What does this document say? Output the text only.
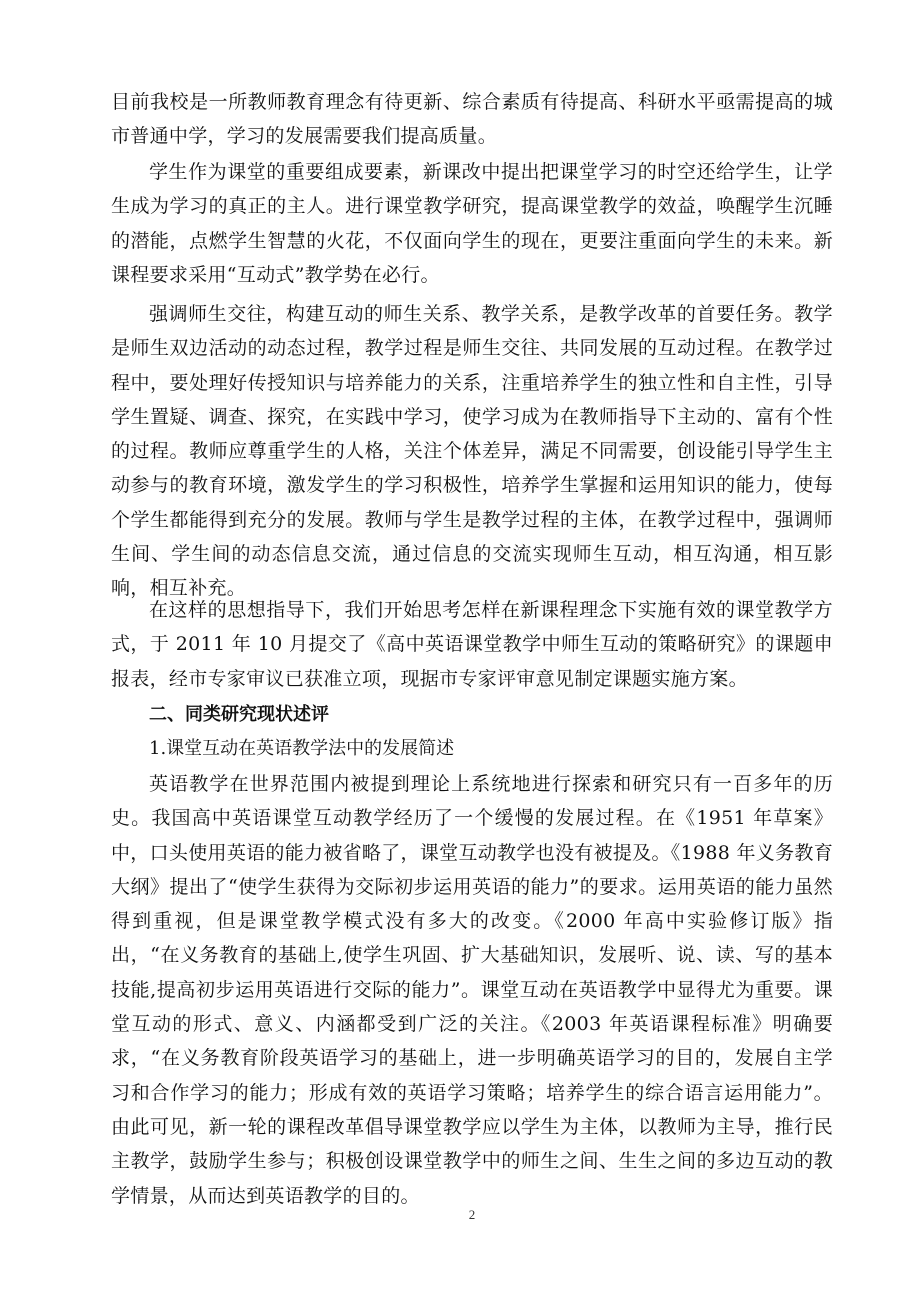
目前我校是一所教师教育理念有待更新、综合素质有待提高、科研水平亟需提高的城市普通中学，学习的发展需要我们提高质量。

学生作为课堂的重要组成要素，新课改中提出把课堂学习的时空还给学生，让学生成为学习的真正的主人。进行课堂教学研究，提高课堂教学的效益，唤醒学生沉睡的潜能，点燃学生智慧的火花，不仅面向学生的现在，更要注重面向学生的未来。新课程要求采用“互动式”教学势在必行。

强调师生交往，构建互动的师生关系、教学关系，是教学改革的首要任务。教学是师生双边活动的动态过程，教学过程是师生交往、共同发展的互动过程。在教学过程中，要处理好传授知识与培养能力的关系，注重培养学生的独立性和自主性，引导学生置疑、调查、探究，在实践中学习，使学习成为在教师指导下主动的、富有个性的过程。教师应尊重学生的人格，关注个体差异，满足不同需要，创设能引导学生主动参与的教育环境，激发学生的学习积极性，培养学生掌握和运用知识的能力，使每个学生都能得到充分的发展。教师与学生是教学过程的主体，在教学过程中，强调师生间、学生间的动态信息交流，通过信息的交流实现师生互动，相互沟通，相互影响，相互补充。

在这样的思想指导下，我们开始思考怎样在新课程理念下实施有效的课堂教学方式，于 2011 年 10 月提交了《高中英语课堂教学中师生互动的策略研究》的课题申报表，经市专家审议已获准立项，现据市专家评审意见制定课题实施方案。

二、同类研究现状述评
1.课堂互动在英语教学法中的发展简述

英语教学在世界范围内被提到理论上系统地进行探索和研究只有一百多年的历史。我国高中英语课堂互动教学经历了一个缓慢的发展过程。在《1951 年草案》中，口头使用英语的能力被省略了，课堂互动教学也没有被提及。《1988 年义务教育大纲》提出了“使学生获得为交际初步运用英语的能力”的要求。运用英语的能力虽然得到重视，但是课堂教学模式没有多大的改变。《2000 年高中实验修订版》指出，“在义务教育的基础上,使学生巩固、扩大基础知识，发展听、说、读、写的基本技能,提高初步运用英语进行交际的能力”。课堂互动在英语教学中显得尤为重要。课堂互动的形式、意义、内涵都受到广泛的关注。《2003 年英语课程标准》明确要求，“在义务教育阶段英语学习的基础上，进一步明确英语学习的目的，发展自主学习和合作学习的能力；形成有效的英语学习策略；培养学生的综合语言运用能力”。由此可见，新一轮的课程改革倡导课堂教学应以学生为主体，以教师为主导，推行民主教学，鼓励学生参与；积极创设课堂教学中的师生之间、生生之间的多边互动的教学情景，从而达到英语教学的目的。

2
